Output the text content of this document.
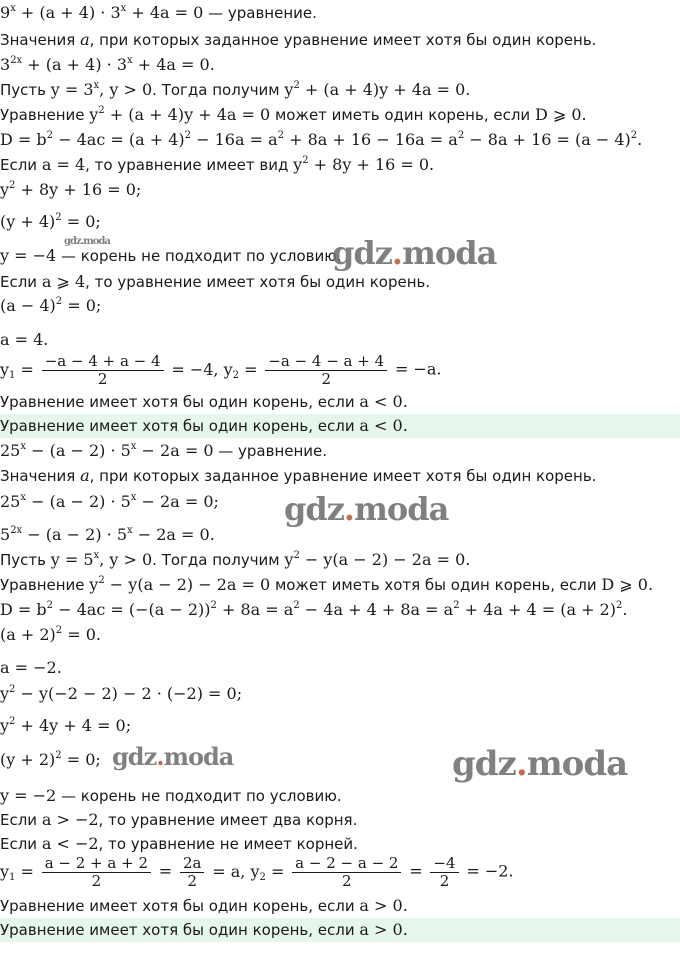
$9^x + (a + 4) \cdot 3^x + 4a = 0$ — уравнение.
Значения a, при которых заданное уравнение имеет хотя бы один корень.
$3^{2x} + (a + 4) \cdot 3^x + 4a = 0$.
Пусть $y = 3^x$, y > 0. Тогда получим $y^2 + (a + 4)y + 4a = 0$.
Уравнение $y^2 + (a + 4)y + 4a = 0$ может иметь один корень, если D ⩾ 0.
$D = b^2 - 4ac = (a + 4)^2 - 16a = a^2 + 8a + 16 - 16a = a^2 - 8a + 16 = (a - 4)^2$.
Если a = 4, то уравнение имеет вид $y^2 + 8y + 16 = 0$.
$y^2 + 8y + 16 = 0$;
$(y + 4)^2 = 0$;
y = −4 — корень не подходит по условию.
Если a ⩾ 4, то уравнение имеет хотя бы один корень.
$(a - 4)^2 = 0$;
a = 4.
$y_1 = \frac{-a - 4 + a - 4}{2} = -4$, $y_2 = \frac{-a - 4 - a + 4}{2} = -a$.
Уравнение имеет хотя бы один корень, если a < 0.
Уравнение имеет хотя бы один корень, если a < 0.
$25^x - (a - 2) \cdot 5^x - 2a = 0$ — уравнение.
Значения a, при которых заданное уравнение имеет хотя бы один корень.
$25^x - (a - 2) \cdot 5^x - 2a = 0$;
$5^{2x} - (a - 2) \cdot 5^x - 2a = 0$.
Пусть $y = 5^x$, y > 0. Тогда получим $y^2 - y(a - 2) - 2a = 0$.
Уравнение $y^2 - y(a - 2) - 2a = 0$ может иметь хотя бы один корень, если D ⩾ 0.
$D = b^2 - 4ac = (-(a - 2))^2 + 8a = a^2 - 4a + 4 + 8a = a^2 + 4a + 4 = (a + 2)^2$.
$(a + 2)^2 = 0$.
a = −2.
$y^2 - y(-2 - 2) - 2 \cdot (-2) = 0$;
$y^2 + 4y + 4 = 0$;
$(y + 2)^2 = 0$;
y = −2 — корень не подходит по условию.
Если a > −2, то уравнение имеет два корня.
Если a < −2, то уравнение не имеет корней.
$y_1 = \frac{a - 2 + a + 2}{2} = \frac{2a}{2} = a$, $y_2 = \frac{a - 2 - a - 2}{2} = \frac{-4}{2} = -2$.
Уравнение имеет хотя бы один корень, если a > 0.
Уравнение имеет хотя бы один корень, если a > 0.
gdz.moda	gdz.moda
gdz.moda
gdz.moda	gdz.moda
